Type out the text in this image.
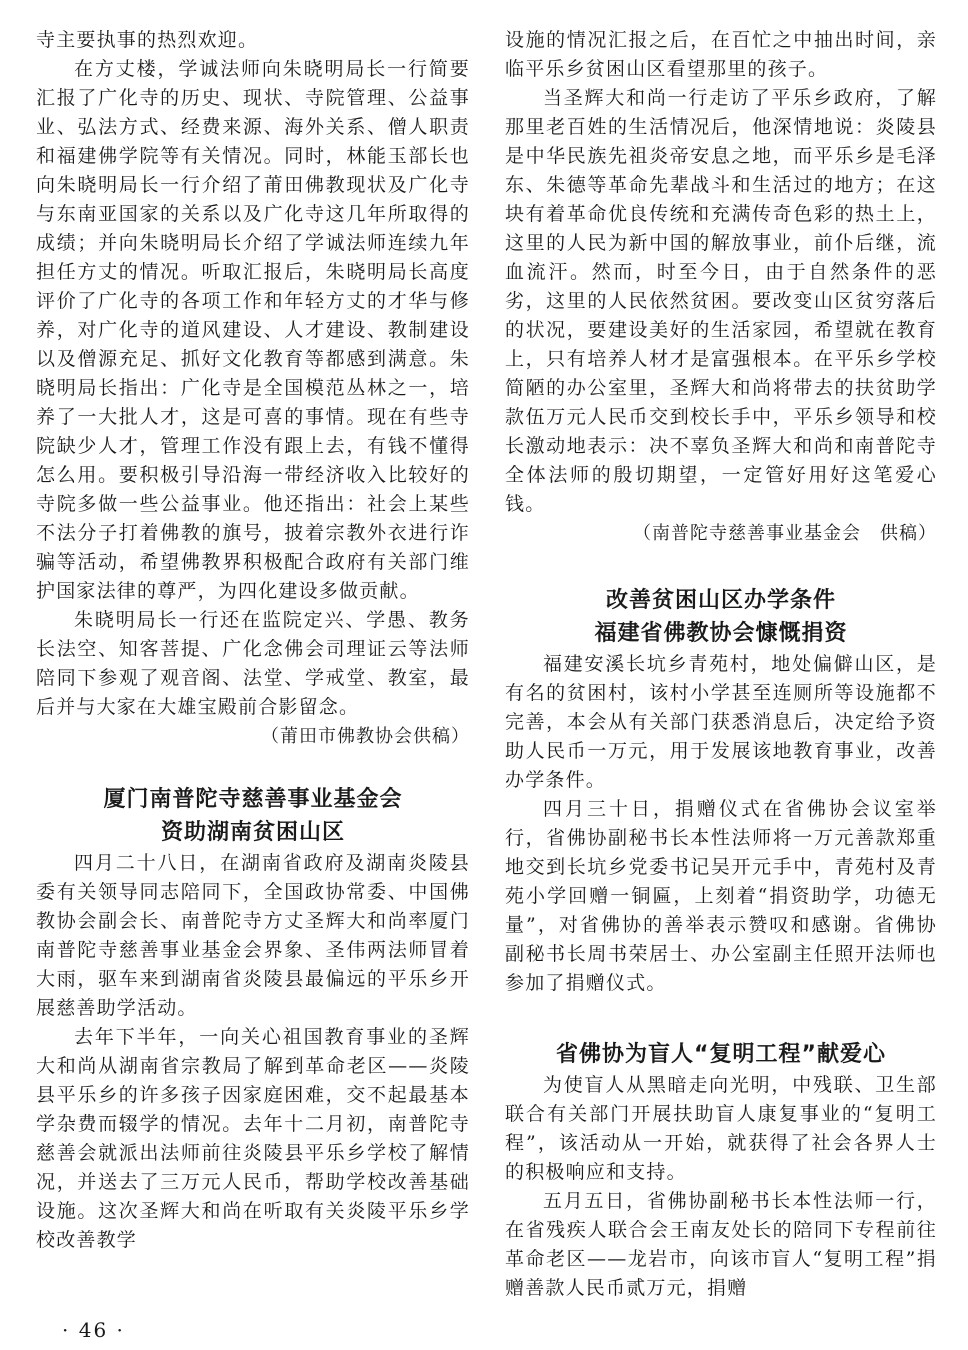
寺主要执事的热烈欢迎。

在方丈楼，学诚法师向朱晓明局长一行简要汇报了广化寺的历史、现状、寺院管理、公益事业、弘法方式、经费来源、海外关系、僧人职责和福建佛学院等有关情况。同时，林能玉部长也向朱晓明局长一行介绍了莆田佛教现状及广化寺与东南亚国家的关系以及广化寺这几年所取得的成绩；并向朱晓明局长介绍了学诚法师连续九年担任方丈的情况。听取汇报后，朱晓明局长高度评价了广化寺的各项工作和年轻方丈的才华与修养，对广化寺的道风建设、人才建设、教制建设以及僧源充足、抓好文化教育等都感到满意。朱晓明局长指出：广化寺是全国模范丛林之一，培养了一大批人才，这是可喜的事情。现在有些寺院缺少人才，管理工作没有跟上去，有钱不懂得怎么用。要积极引导沿海一带经济收入比较好的寺院多做一些公益事业。他还指出：社会上某些不法分子打着佛教的旗号，披着宗教外衣进行诈骗等活动，希望佛教界积极配合政府有关部门维护国家法律的尊严，为四化建设多做贡献。

朱晓明局长一行还在监院定兴、学愚、教务长法空、知客菩提、广化念佛会司理证云等法师陪同下参观了观音阁、法堂、学戒堂、教室，最后并与大家在大雄宝殿前合影留念。

（莆田市佛教协会供稿）

厦门南普陀寺慈善事业基金会
资助湖南贫困山区

四月二十八日，在湖南省政府及湖南炎陵县委有关领导同志陪同下，全国政协常委、中国佛教协会副会长、南普陀寺方丈圣辉大和尚率厦门南普陀寺慈善事业基金会界象、圣伟两法师冒着大雨，驱车来到湖南省炎陵县最偏远的平乐乡开展慈善助学活动。

去年下半年，一向关心祖国教育事业的圣辉大和尚从湖南省宗教局了解到革命老区——炎陵县平乐乡的许多孩子因家庭困难，交不起最基本学杂费而辍学的情况。去年十二月初，南普陀寺慈善会就派出法师前往炎陵县平乐乡学校了解情况，并送去了三万元人民币，帮助学校改善基础设施。这次圣辉大和尚在听取有关炎陵平乐乡学校改善教学

设施的情况汇报之后，在百忙之中抽出时间，亲临平乐乡贫困山区看望那里的孩子。

当圣辉大和尚一行走访了平乐乡政府，了解那里老百姓的生活情况后，他深情地说：炎陵县是中华民族先祖炎帝安息之地，而平乐乡是毛泽东、朱德等革命先辈战斗和生活过的地方；在这块有着革命优良传统和充满传奇色彩的热土上，这里的人民为新中国的解放事业，前仆后继，流血流汗。然而，时至今日，由于自然条件的恶劣，这里的人民依然贫困。要改变山区贫穷落后的状况，要建设美好的生活家园，希望就在教育上，只有培养人材才是富强根本。在平乐乡学校简陋的办公室里，圣辉大和尚将带去的扶贫助学款伍万元人民币交到校长手中，平乐乡领导和校长激动地表示：决不辜负圣辉大和尚和南普陀寺全体法师的殷切期望，一定管好用好这笔爱心钱。

（南普陀寺慈善事业基金会　供稿）

改善贫困山区办学条件
福建省佛教协会慷慨捐资

福建安溪长坑乡青苑村，地处偏僻山区，是有名的贫困村，该村小学甚至连厕所等设施都不完善，本会从有关部门获悉消息后，决定给予资助人民币一万元，用于发展该地教育事业，改善办学条件。

四月三十日，捐赠仪式在省佛协会议室举行，省佛协副秘书长本性法师将一万元善款郑重地交到长坑乡党委书记吴开元手中，青苑村及青苑小学回赠一铜匾，上刻着“捐资助学，功德无量”，对省佛协的善举表示赞叹和感谢。省佛协副秘书长周书荣居士、办公室副主任照开法师也参加了捐赠仪式。

省佛协为盲人“复明工程”献爱心

为使盲人从黑暗走向光明，中残联、卫生部联合有关部门开展扶助盲人康复事业的“复明工程”，该活动从一开始，就获得了社会各界人士的积极响应和支持。

五月五日，省佛协副秘书长本性法师一行，在省残疾人联合会王南友处长的陪同下专程前往革命老区——龙岩市，向该市盲人“复明工程”捐赠善款人民币贰万元，捐赠

· 46 ·
